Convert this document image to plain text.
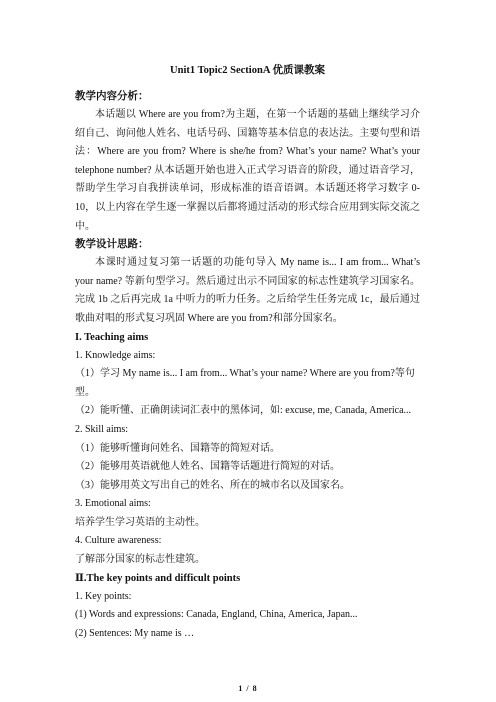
Unit1 Topic2 SectionA 优质课教案
教学内容分析：

本话题以 Where are you from?为主题，在第一个话题的基础上继续学习介绍自己、询问他人姓名、电话号码、国籍等基本信息的表达法。主要句型和语法：Where are you from? Where is she/he from? What’s your name? What’s your telephone number? 从本话题开始也进入正式学习语音的阶段，通过语音学习，帮助学生学习自我拼读单词，形成标准的语音语调。本话题还将学习数字 0-10，以上内容在学生逐一掌握以后都将通过活动的形式综合应用到实际交流之中。

教学设计思路：

本课时通过复习第一话题的功能句导入 My name is... I am from... What’s your name? 等新句型学习。然后通过出示不同国家的标志性建筑学习国家名。完成 1b 之后再完成 1a 中听力的听力任务。之后给学生任务完成 1c，最后通过歌曲对唱的形式复习巩固 Where are you from?和部分国家名。

I. Teaching aims
1. Knowledge aims:
（1）学习 My name is... I am from... What’s your name? Where are you from?等句型。
（2）能听懂、正确朗读词汇表中的黑体词，如: excuse, me, Canada, America...
2. Skill aims:
（1）能够听懂询问姓名、国籍等的简短对话。
（2）能够用英语就他人姓名、国籍等话题进行简短的对话。
（3）能够用英文写出自己的姓名、所在的城市名以及国家名。
3. Emotional aims:
培养学生学习英语的主动性。
4. Culture awareness:
了解部分国家的标志性建筑。
Ⅱ.The key points and difficult points
1. Key points:
(1) Words and expressions: Canada, England, China, America, Japan...
(2) Sentences: My name is …
1 / 8
